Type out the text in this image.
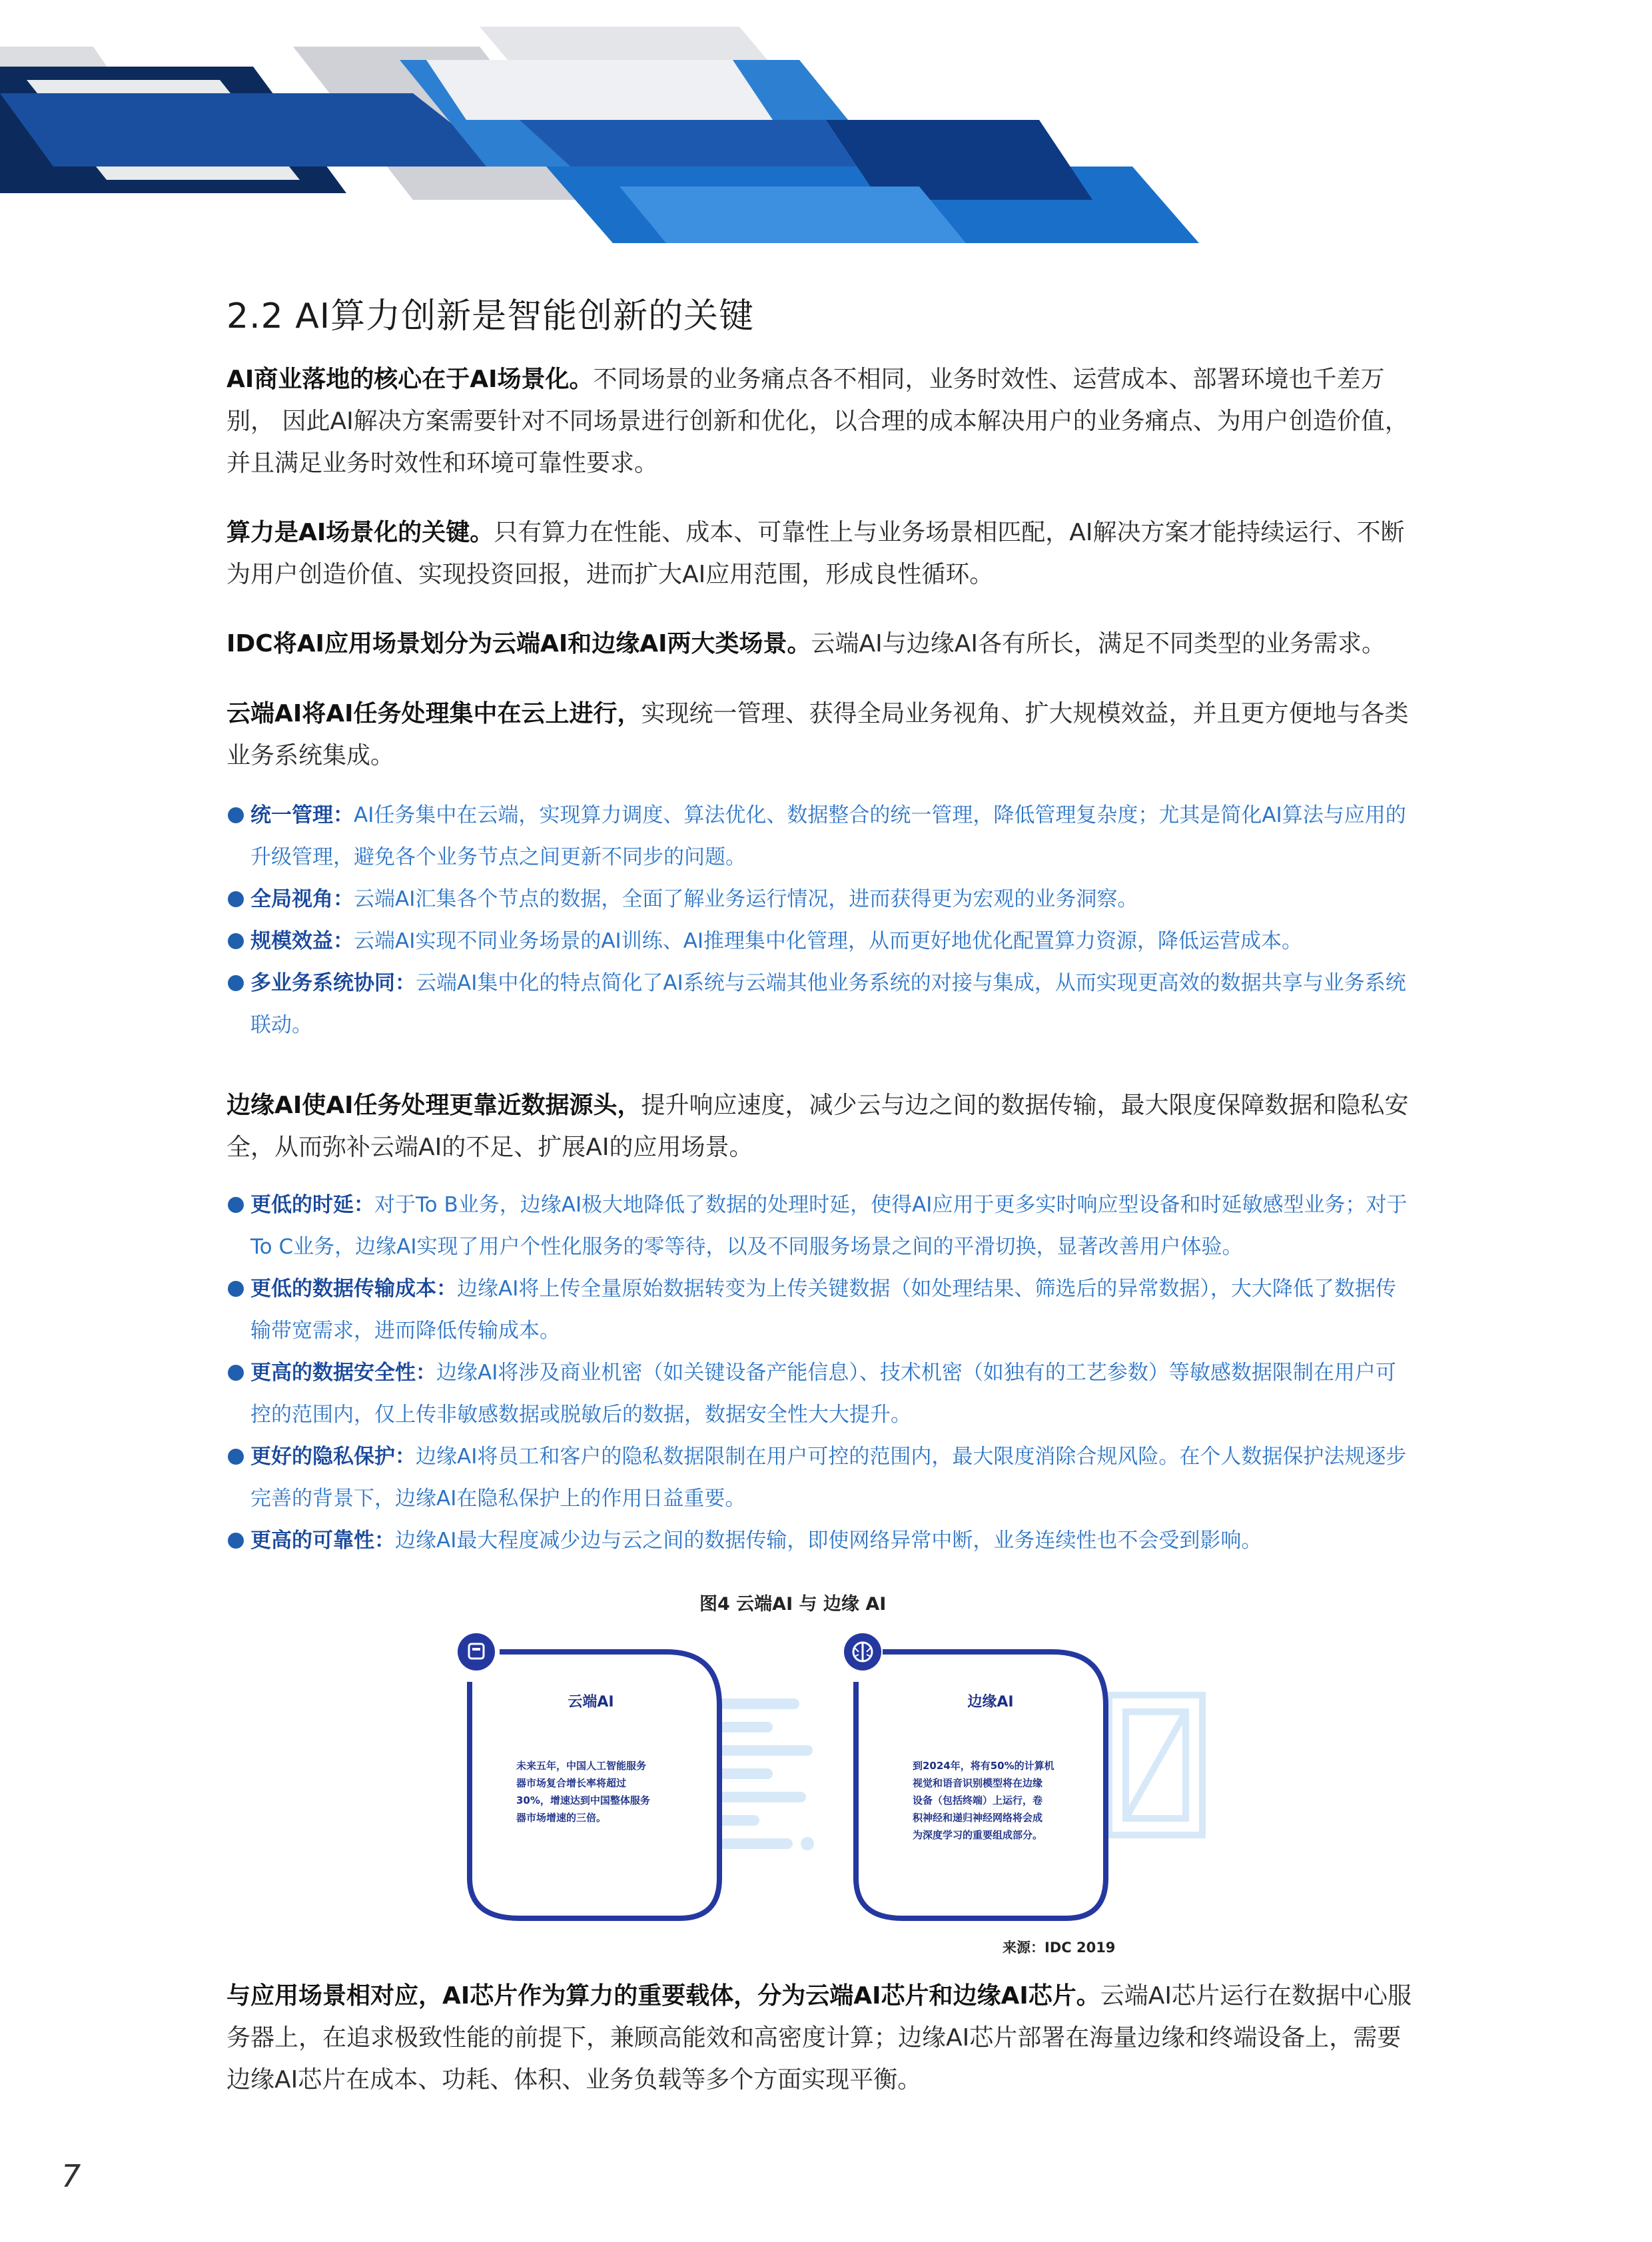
2.2 AI算力创新是智能创新的关键

AI商业落地的核心在于AI场景化。不同场景的业务痛点各不相同，业务时效性、运营成本、部署环境也千差万别， 因此AI解决方案需要针对不同场景进行创新和优化，以合理的成本解决用户的业务痛点、为用户创造价值，并且满足业务时效性和环境可靠性要求。

算力是AI场景化的关键。只有算力在性能、成本、可靠性上与业务场景相匹配，AI解决方案才能持续运行、不断为用户创造价值、实现投资回报，进而扩大AI应用范围，形成良性循环。

IDC将AI应用场景划分为云端AI和边缘AI两大类场景。云端AI与边缘AI各有所长，满足不同类型的业务需求。

云端AI将AI任务处理集中在云上进行，实现统一管理、获得全局业务视角、扩大规模效益，并且更方便地与各类业务系统集成。

统一管理：AI任务集中在云端，实现算力调度、算法优化、数据整合的统一管理，降低管理复杂度；尤其是简化AI算法与应用的升级管理，避免各个业务节点之间更新不同步的问题。
全局视角：云端AI汇集各个节点的数据，全面了解业务运行情况，进而获得更为宏观的业务洞察。
规模效益：云端AI实现不同业务场景的AI训练、AI推理集中化管理，从而更好地优化配置算力资源，降低运营成本。
多业务系统协同：云端AI集中化的特点简化了AI系统与云端其他业务系统的对接与集成，从而实现更高效的数据共享与业务系统联动。

边缘AI使AI任务处理更靠近数据源头，提升响应速度，减少云与边之间的数据传输，最大限度保障数据和隐私安全，从而弥补云端AI的不足、扩展AI的应用场景。

更低的时延：对于To B业务，边缘AI极大地降低了数据的处理时延，使得AI应用于更多实时响应型设备和时延敏感型业务；对于To C业务，边缘AI实现了用户个性化服务的零等待，以及不同服务场景之间的平滑切换，显著改善用户体验。
更低的数据传输成本：边缘AI将上传全量原始数据转变为上传关键数据（如处理结果、筛选后的异常数据），大大降低了数据传输带宽需求，进而降低传输成本。
更高的数据安全性：边缘AI将涉及商业机密（如关键设备产能信息）、技术机密（如独有的工艺参数）等敏感数据限制在用户可控的范围内，仅上传非敏感数据或脱敏后的数据，数据安全性大大提升。
更好的隐私保护：边缘AI将员工和客户的隐私数据限制在用户可控的范围内，最大限度消除合规风险。在个人数据保护法规逐步完善的背景下，边缘AI在隐私保护上的作用日益重要。
更高的可靠性：边缘AI最大程度减少边与云之间的数据传输，即使网络异常中断，业务连续性也不会受到影响。
图4 云端AI 与 边缘 AI
云端AI
未来五年，中国人工智能服务
器市场复合增长率将超过
30%，增速达到中国整体服务
器市场增速的三倍。
边缘AI
到2024年，将有50%的计算机
视觉和语音识别模型将在边缘
设备（包括终端）上运行，卷
积神经和递归神经网络将会成
为深度学习的重要组成部分。
来源：IDC 2019

与应用场景相对应，AI芯片作为算力的重要载体，分为云端AI芯片和边缘AI芯片。云端AI芯片运行在数据中心服务器上，在追求极致性能的前提下，兼顾高能效和高密度计算；边缘AI芯片部署在海量边缘和终端设备上，需要边缘AI芯片在成本、功耗、体积、业务负载等多个方面实现平衡。

7
